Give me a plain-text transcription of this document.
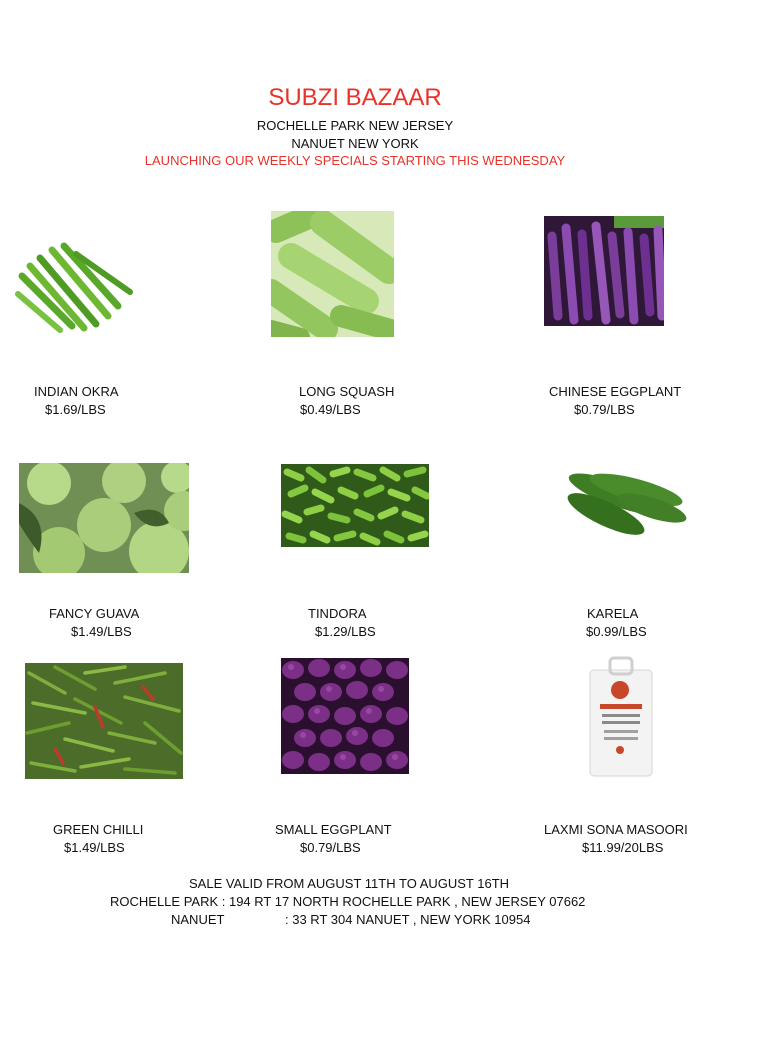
SUBZI BAZAAR
ROCHELLE PARK NEW JERSEY
NANUET NEW YORK
LAUNCHING OUR WEEKLY SPECIALS STARTING THIS WEDNESDAY
INDIAN OKRA
$1.69/LBS
LONG SQUASH
$0.49/LBS
CHINESE EGGPLANT
$0.79/LBS
FANCY GUAVA
$1.49/LBS
TINDORA
$1.29/LBS
KARELA
$0.99/LBS
GREEN CHILLI
$1.49/LBS
SMALL EGGPLANT
$0.79/LBS
LAXMI SONA MASOORI
$11.99/20LBS
SALE VALID FROM AUGUST 11TH TO AUGUST 16TH
ROCHELLE PARK : 194 RT 17 NORTH ROCHELLE PARK , NEW JERSEY 07662
NANUET	: 33 RT 304 NANUET , NEW YORK 10954
